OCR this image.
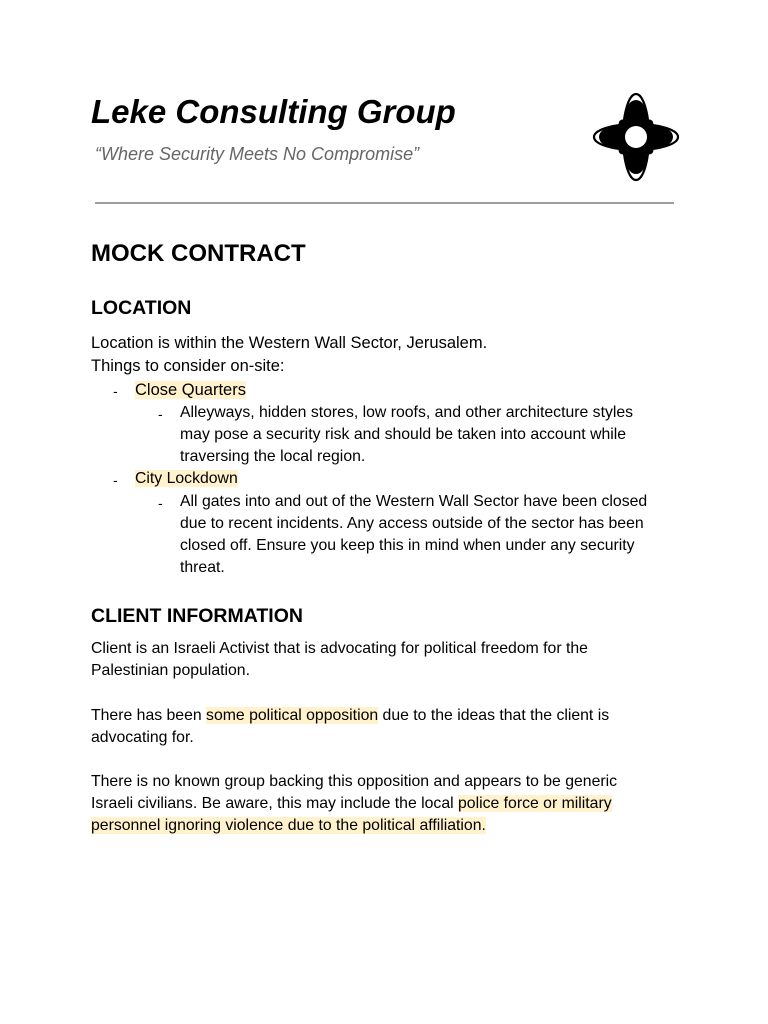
Leke Consulting Group

“Where Security Meets No Compromise”

MOCK CONTRACT
LOCATION

Location is within the Western Wall Sector, Jerusalem.

Things to consider on-site:

- Close Quarters

- Alleyways, hidden stores, low roofs, and other architecture styles

may pose a security risk and should be taken into account while

traversing the local region.

- City Lockdown

- All gates into and out of the Western Wall Sector have been closed

due to recent incidents. Any access outside of the sector has been

closed off. Ensure you keep this in mind when under any security

threat.

CLIENT INFORMATION

Client is an Israeli Activist that is advocating for political freedom for the

Palestinian population.

There has been some political opposition due to the ideas that the client is

advocating for.

There is no known group backing this opposition and appears to be generic

Israeli civilians. Be aware, this may include the local police force or military

personnel ignoring violence due to the political affiliation.
